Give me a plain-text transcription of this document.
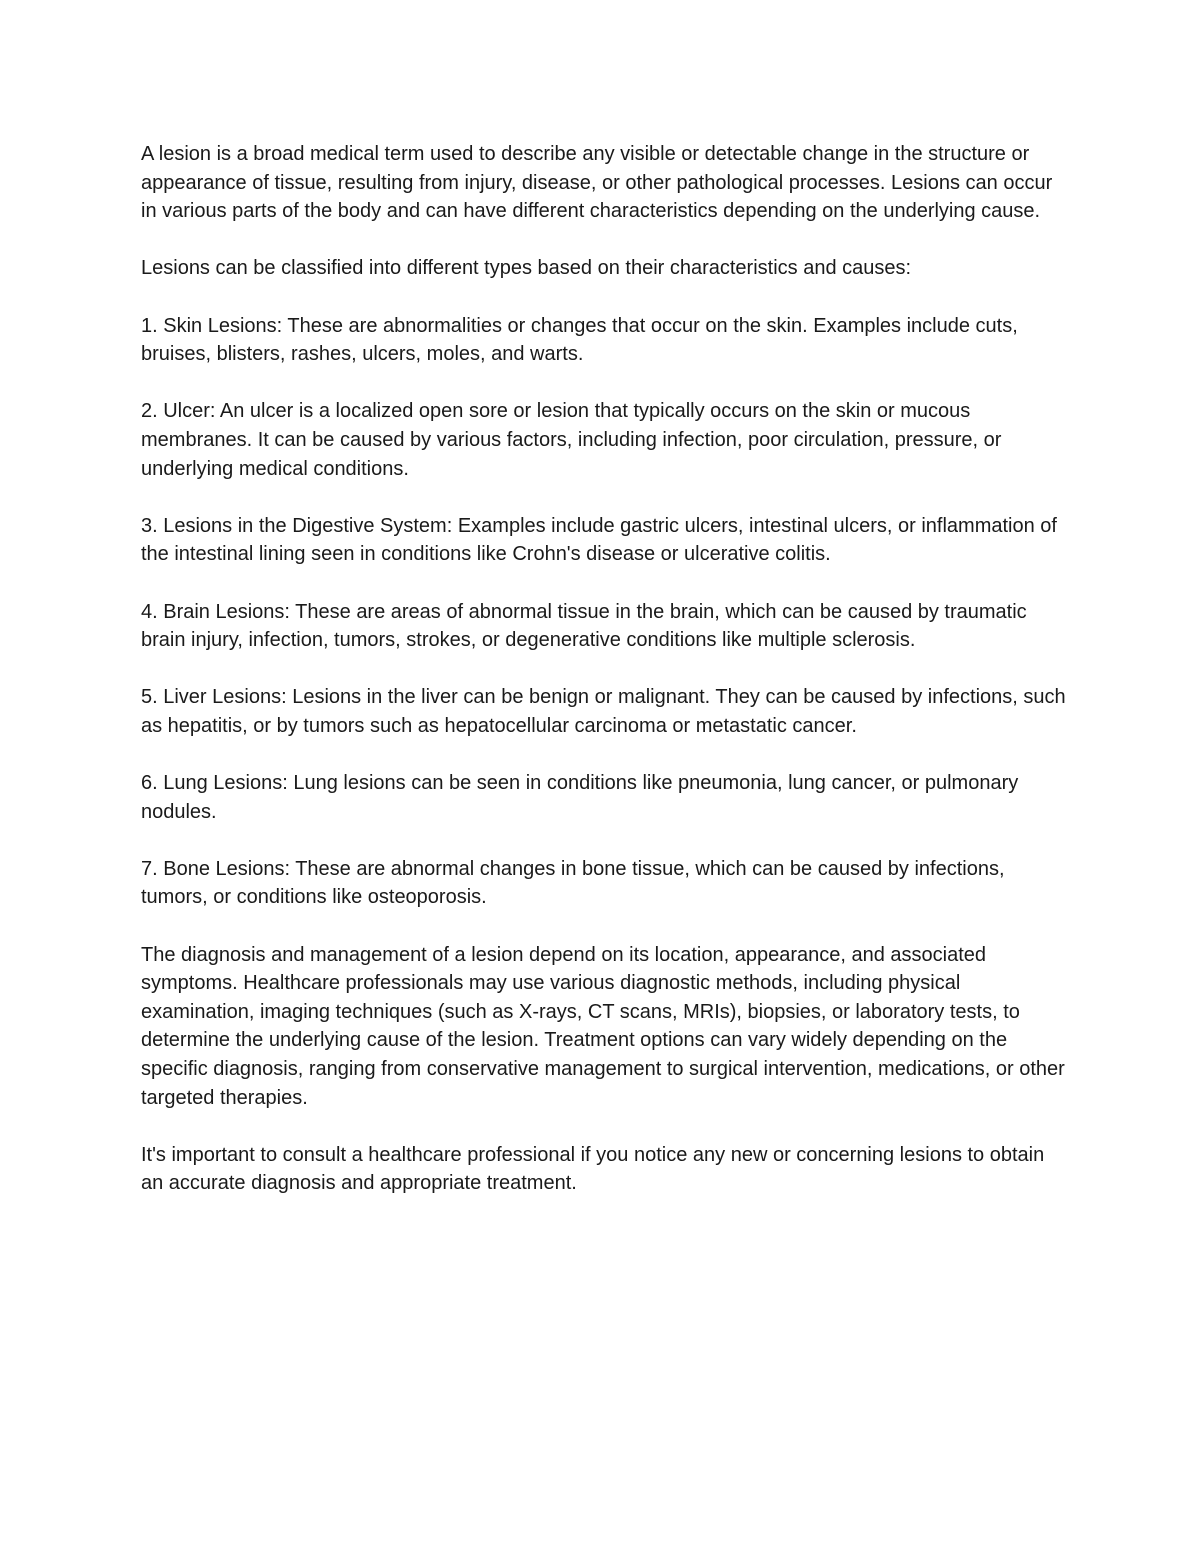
A lesion is a broad medical term used to describe any visible or detectable change in the structure or appearance of tissue, resulting from injury, disease, or other pathological processes. Lesions can occur in various parts of the body and can have different characteristics depending on the underlying cause.

Lesions can be classified into different types based on their characteristics and causes:

1. Skin Lesions: These are abnormalities or changes that occur on the skin. Examples include cuts, bruises, blisters, rashes, ulcers, moles, and warts.

2. Ulcer: An ulcer is a localized open sore or lesion that typically occurs on the skin or mucous membranes. It can be caused by various factors, including infection, poor circulation, pressure, or underlying medical conditions.

3. Lesions in the Digestive System: Examples include gastric ulcers, intestinal ulcers, or inflammation of the intestinal lining seen in conditions like Crohn's disease or ulcerative colitis.

4. Brain Lesions: These are areas of abnormal tissue in the brain, which can be caused by traumatic brain injury, infection, tumors, strokes, or degenerative conditions like multiple sclerosis.

5. Liver Lesions: Lesions in the liver can be benign or malignant. They can be caused by infections, such as hepatitis, or by tumors such as hepatocellular carcinoma or metastatic cancer.

6. Lung Lesions: Lung lesions can be seen in conditions like pneumonia, lung cancer, or pulmonary nodules.

7. Bone Lesions: These are abnormal changes in bone tissue, which can be caused by infections, tumors, or conditions like osteoporosis.

The diagnosis and management of a lesion depend on its location, appearance, and associated symptoms. Healthcare professionals may use various diagnostic methods, including physical examination, imaging techniques (such as X-rays, CT scans, MRIs), biopsies, or laboratory tests, to determine the underlying cause of the lesion. Treatment options can vary widely depending on the specific diagnosis, ranging from conservative management to surgical intervention, medications, or other targeted therapies.

It's important to consult a healthcare professional if you notice any new or concerning lesions to obtain an accurate diagnosis and appropriate treatment.
